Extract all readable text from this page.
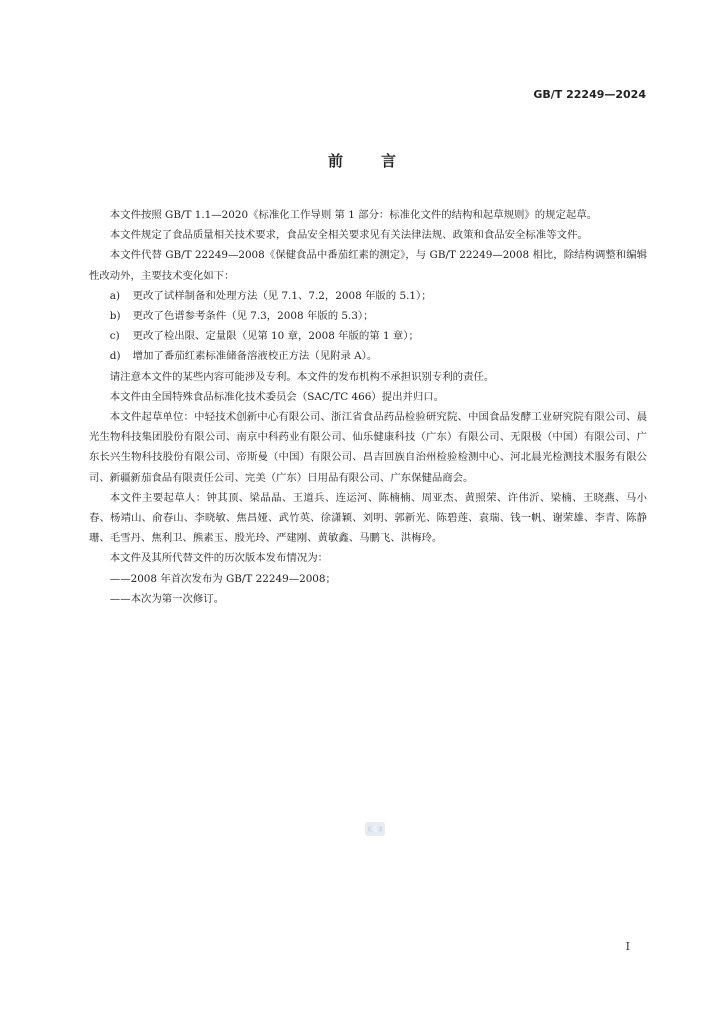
GB/T 22249—2024
前言

本文件按照 GB/T 1.1—2020《标准化工作导则 第 1 部分：标准化文件的结构和起草规则》的规定起草。

本文件规定了食品质量相关技术要求，食品安全相关要求见有关法律法规、政策和食品安全标准等文件。

本文件代替 GB/T 22249—2008《保健食品中番茄红素的测定》，与 GB/T 22249—2008 相比，除结构调整和编辑性改动外，主要技术变化如下：

a) 更改了试样制备和处理方法（见 7.1、7.2，2008 年版的 5.1）；

b) 更改了色谱参考条件（见 7.3，2008 年版的 5.3）；

c) 更改了检出限、定量限（见第 10 章，2008 年版的第 1 章）；

d) 增加了番茄红素标准储备溶液校正方法（见附录 A）。

请注意本文件的某些内容可能涉及专利。本文件的发布机构不承担识别专利的责任。

本文件由全国特殊食品标准化技术委员会（SAC/TC 466）提出并归口。

本文件起草单位：中轻技术创新中心有限公司、浙江省食品药品检验研究院、中国食品发酵工业研究院有限公司、晨光生物科技集团股份有限公司、南京中科药业有限公司、仙乐健康科技（广东）有限公司、无限极（中国）有限公司、广东长兴生物科技股份有限公司、帝斯曼（中国）有限公司、昌吉回族自治州检验检测中心、河北晨光检测技术服务有限公司、新疆新茄食品有限责任公司、完美（广东）日用品有限公司、广东保健品商会。

本文件主要起草人：钟其顶、梁晶晶、王道兵、连运河、陈楠楠、周亚杰、黄照荣、许伟沂、梁楠、王晓燕、马小春、杨靖山、俞春山、李晓敏、焦昌娅、武竹英、徐潇颖、刘明、郭新光、陈碧莲、袁瑞、钱一帆、谢荣雄、李青、陈静珊、毛雪丹、焦利卫、熊素玉、殷光玲、严建刚、黄敏鑫、马鹏飞、洪梅玲。

本文件及其所代替文件的历次版本发布情况为：

——2008 年首次发布为 GB/T 22249—2008；

——本次为第一次修订。

I
